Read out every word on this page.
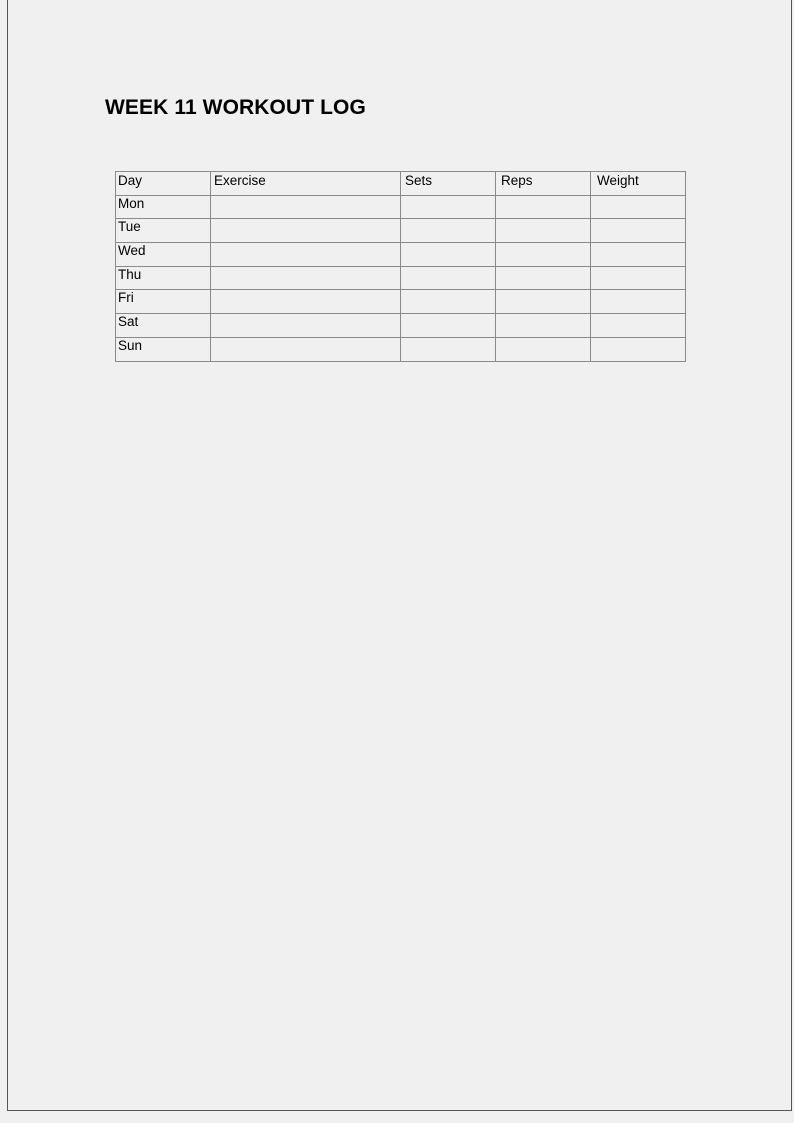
WEEK 11 WORKOUT LOG
Day	Exercise	Sets	Reps	Weight
Mon				
Tue				
Wed				
Thu				
Fri				
Sat				
Sun				
